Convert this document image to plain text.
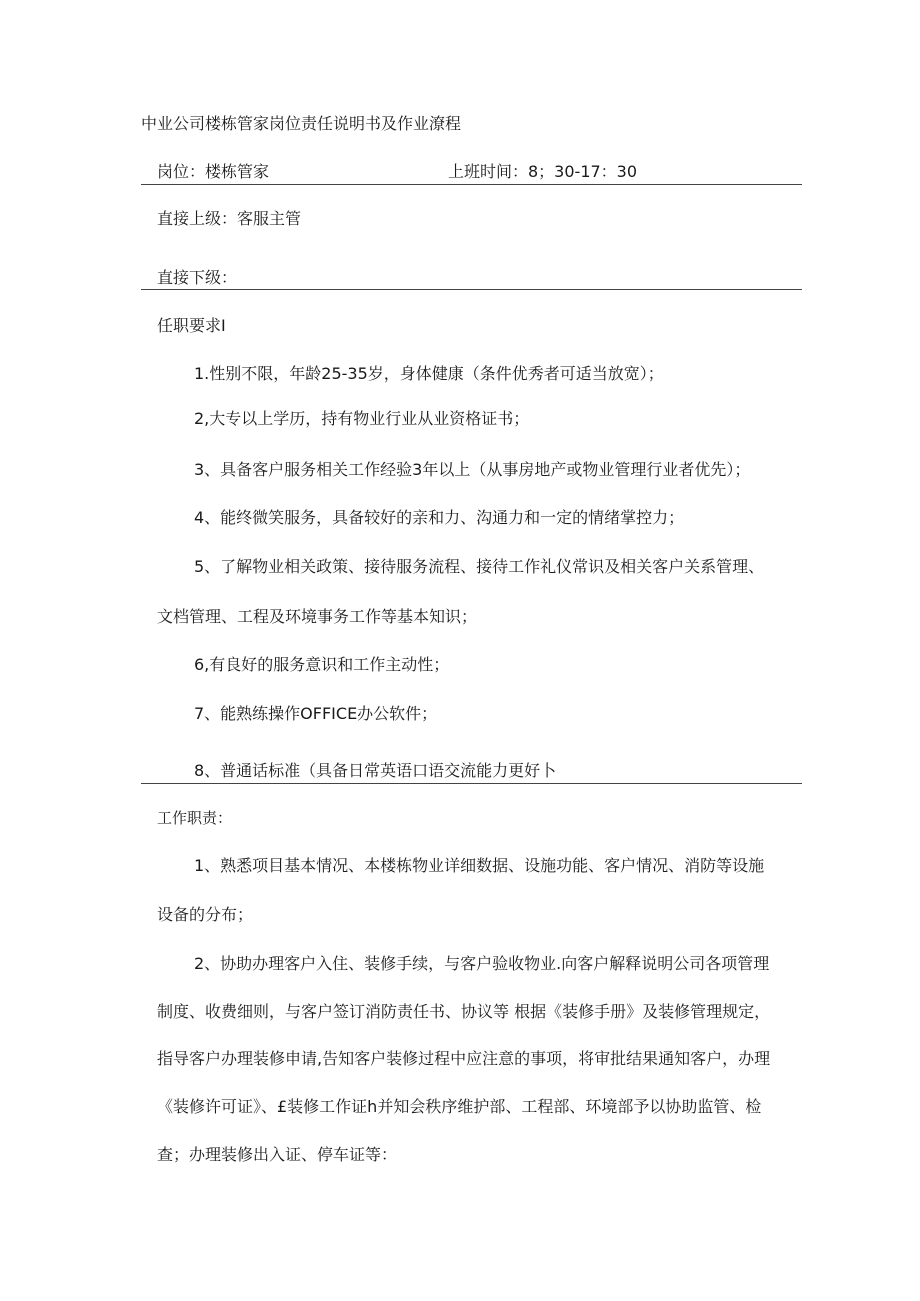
中业公司楼栋管家岗位责任说明书及作业潦程
岗位：楼栋管家	上班时间：8；30-17：30
直接上级：客服主管
直接下级：
任职要求I
1.性别不限，年龄25-35岁，身体健康（条件优秀者可适当放宽）；
2,大专以上学历，持有物业行业从业资格证书；
3、具备客户服务相关工作经验3年以上（从事房地产或物业管理行业者优先）；
4、能终微笑服务，具备较好的亲和力、沟通力和一定的情绪掌控力；
5、了解物业相关政策、接待服务流程、接待工作礼仪常识及相关客户关系管理、
文档管理、工程及环境事务工作等基本知识；
6,有良好的服务意识和工作主动性；
7、能熟练操作OFFICE办公软件；
8、普通话标准（具备日常英语口语交流能力更好卜
工作职责：
1、熟悉项目基本情况、本楼栋物业详细数据、设施功能、客户情况、消防等设施
设备的分布；
2、协助办理客户入住、装修手续，与客户验收物业.向客户解释说明公司各项管理
制度、收费细则，与客户签订消防责任书、协议等 根据《装修手册》及装修管理规定，
指导客户办理装修申请,告知客户装修过程中应注意的事项，将审批结果通知客户，办理
《装修许可证》、£装修工作证h并知会秩序维护部、工程部、环境部予以协助监管、检
查；办理装修出入证、停车证等：
